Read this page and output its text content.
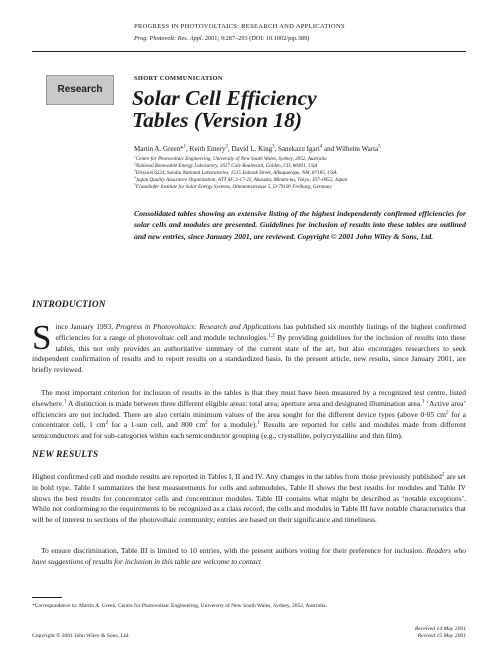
PROGRESS IN PHOTOVOLTAICS: RESEARCH AND APPLICATIONS
Prog. Photovolt: Res. Appl. 2001; 9:287–293 (DOI: 10.1002/pip.389)
Research
SHORT COMMUNICATION
Solar Cell Efficiency
Tables (Version 18)
Martin A. Green*$^1$, Keith Emery$^2$, David L. King$^3$, Sanekazu Igari$^4$ and Wilhelm Warta$^5$
$^1$Centre for Photovoltaic Engineering, University of New South Wales, Sydney, 2052, Australia
$^2$National Renewable Energy Laboratory, 1617 Cole Boulevard, Golden, CO, 80401, USA
$^3$Division 6224, Sandia National Laboratories, 1515 Eubank Street, Albuquerque, NM, 87185, USA
$^4$Japan Quality Assurance Organization, ATT 4F, 2-17-22, Akasaka, Minato-ku, Tokyo, 107–0052, Japan
$^5$Fraunhofer Institute for Solar Energy Systems, Oltmannsstrasse 5, D-79100 Freiburg, Germany

Consolidated tables showing an extensive listing of the highest independently confirmed efficiencies for solar cells and modules are presented. Guidelines for inclusion of results into these tables are outlined and new entries, since January 2001, are reviewed. Copyright © 2001 John Wiley & Sons, Ltd.

INTRODUCTION

Since January 1993, Progress in Photovoltaics: Research and Applications has published six monthly listings of the highest confirmed efficiencies for a range of photovoltaic cell and module technologies.$^{1,2}$ By providing guidelines for the inclusion of results into these tables, this not only provides an authoritative summary of the current state of the art, but also encourages researchers to seek independent confirmation of results and to report results on a standardized basis. In the present article, new results, since January 2001, are briefly reviewed.

The most important criterion for inclusion of results in the tables is that they must have been measured by a recognized test centre, listed elsewhere.$^1$ A distinction is made between three different eligible areas: total area; aperture area and designated illumination area.$^1$ ‘Active area’ efficiencies are not included. There are also certain minimum values of the area sought for the different device types (above 0·05 $cm^2$ for a concentrator cell, 1 $cm^2$ for a 1-sun cell, and 800 $cm^2$ for a module).$^1$ Results are reported for cells and modules made from different semiconductors and for sub-categories within each semiconductor grouping (e.g., crystalline, polycrystalline and thin film).

NEW RESULTS

Highest confirmed cell and module results are reported in Tables I, II and IV. Any changes in the tables from those previously published$^2$ are set in bold type. Table I summarizes the best measurements for cells and submodules, Table II shows the best results for modules and Table IV shows the best results for concentrator cells and concentrator modules. Table III contains what might be described as ‘notable exceptions’. While not conforming to the requirements to be recognized as a class record, the cells and modules in Table III have notable characteristics that will be of interest to sections of the photovoltaic community; entries are based on their significance and timeliness.

To ensure discrimination, Table III is limited to 10 entries, with the present authors voting for their preference for inclusion. Readers who have suggestions of results for inclusion in this table are welcome to contact

*Correspondence to: Martin A. Green, Centre for Photovoltaic Engineering, University of New South Wales, Sydney, 2052, Australia.
Copyright © 2001 John Wiley & Sons, Ltd.
Received 14 May 2001
Revised 15 May 2001
